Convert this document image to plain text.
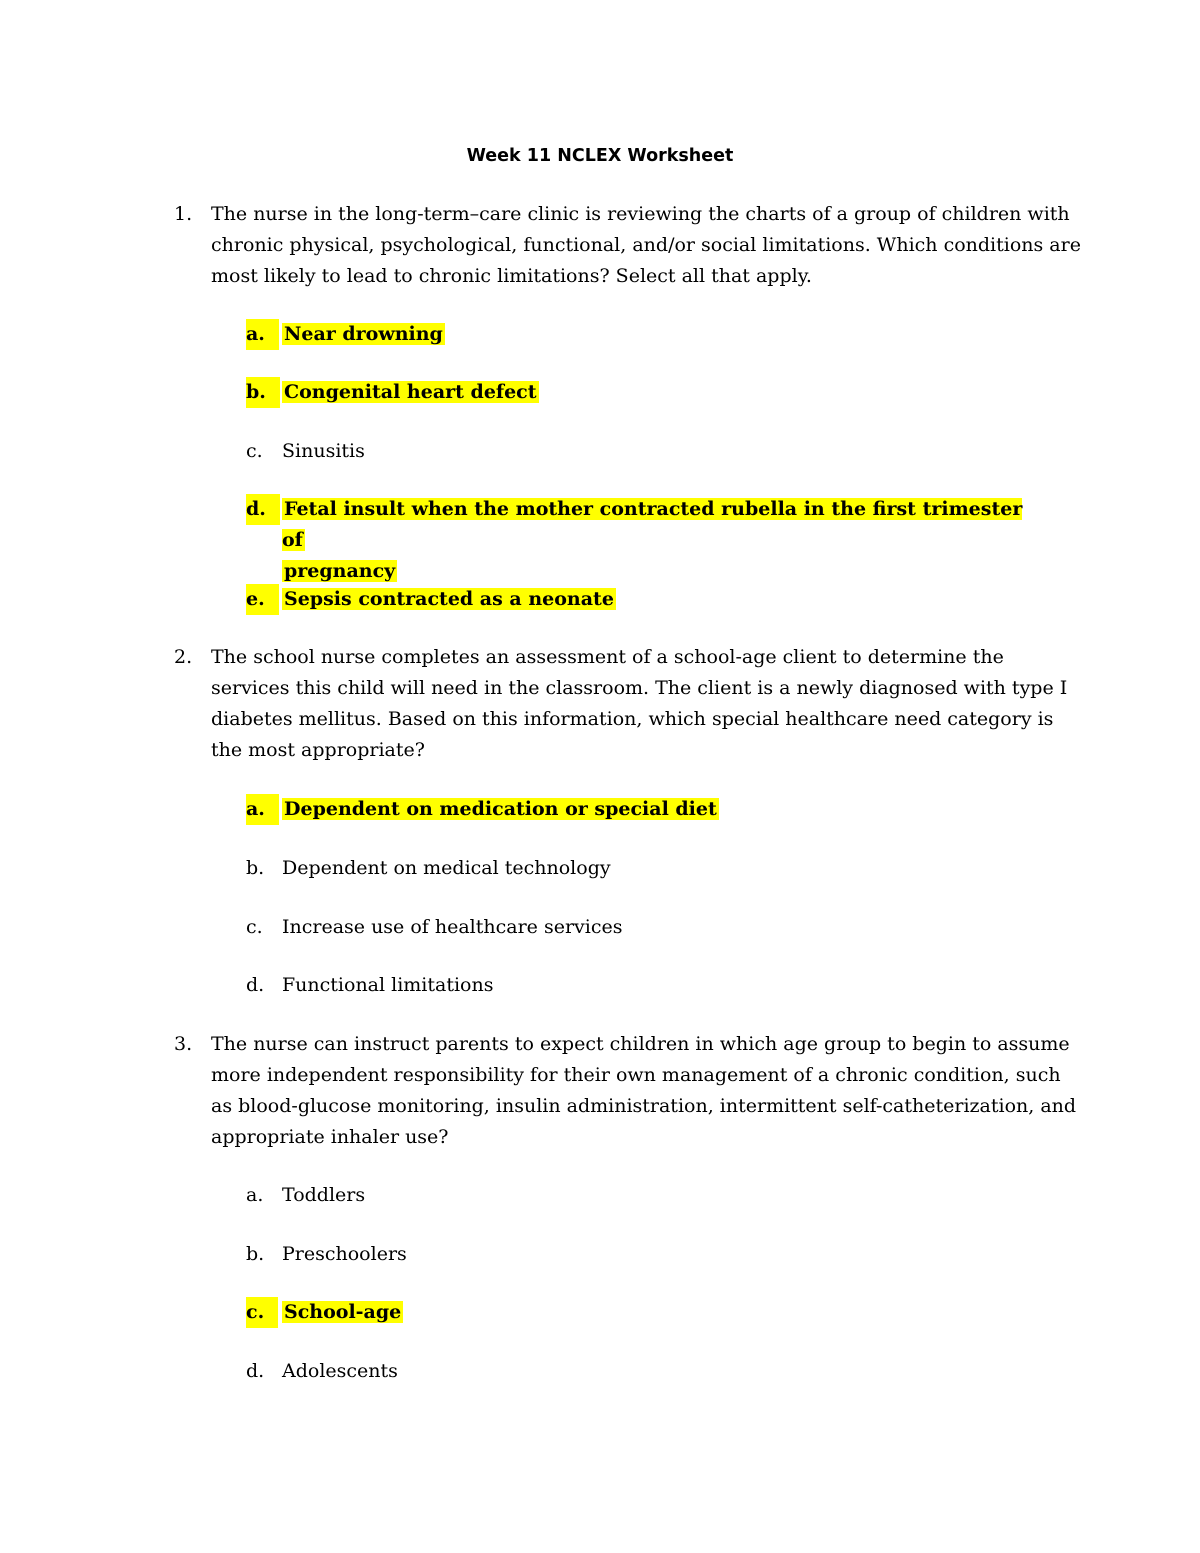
Week 11 NCLEX Worksheet
1. The nurse in the long-term–care clinic is reviewing the charts of a group of children with chronic physical, psychological, functional, and/or social limitations. Which conditions are most likely to lead to chronic limitations? Select all that apply.
a.	Near drowning
b. Congenital heart defect
c. Sinusitis
d. Fetal insult when the mother contracted rubella in the first trimester of
pregnancy
e.	Sepsis contracted as a neonate
2. The school nurse completes an assessment of a school-age client to determine the services this child will need in the classroom. The client is a newly diagnosed with type I diabetes mellitus. Based on this information, which special healthcare need category is the most appropriate?
a.	Dependent on medication or special diet
b. Dependent on medical technology
c. Increase use of healthcare services
d. Functional limitations
3. The nurse can instruct parents to expect children in which age group to begin to assume more independent responsibility for their own management of a chronic condition, such as blood-glucose monitoring, insulin administration, intermittent self-catheterization, and appropriate inhaler use?
a. Toddlers
b. Preschoolers
c.	School-age
d. Adolescents
